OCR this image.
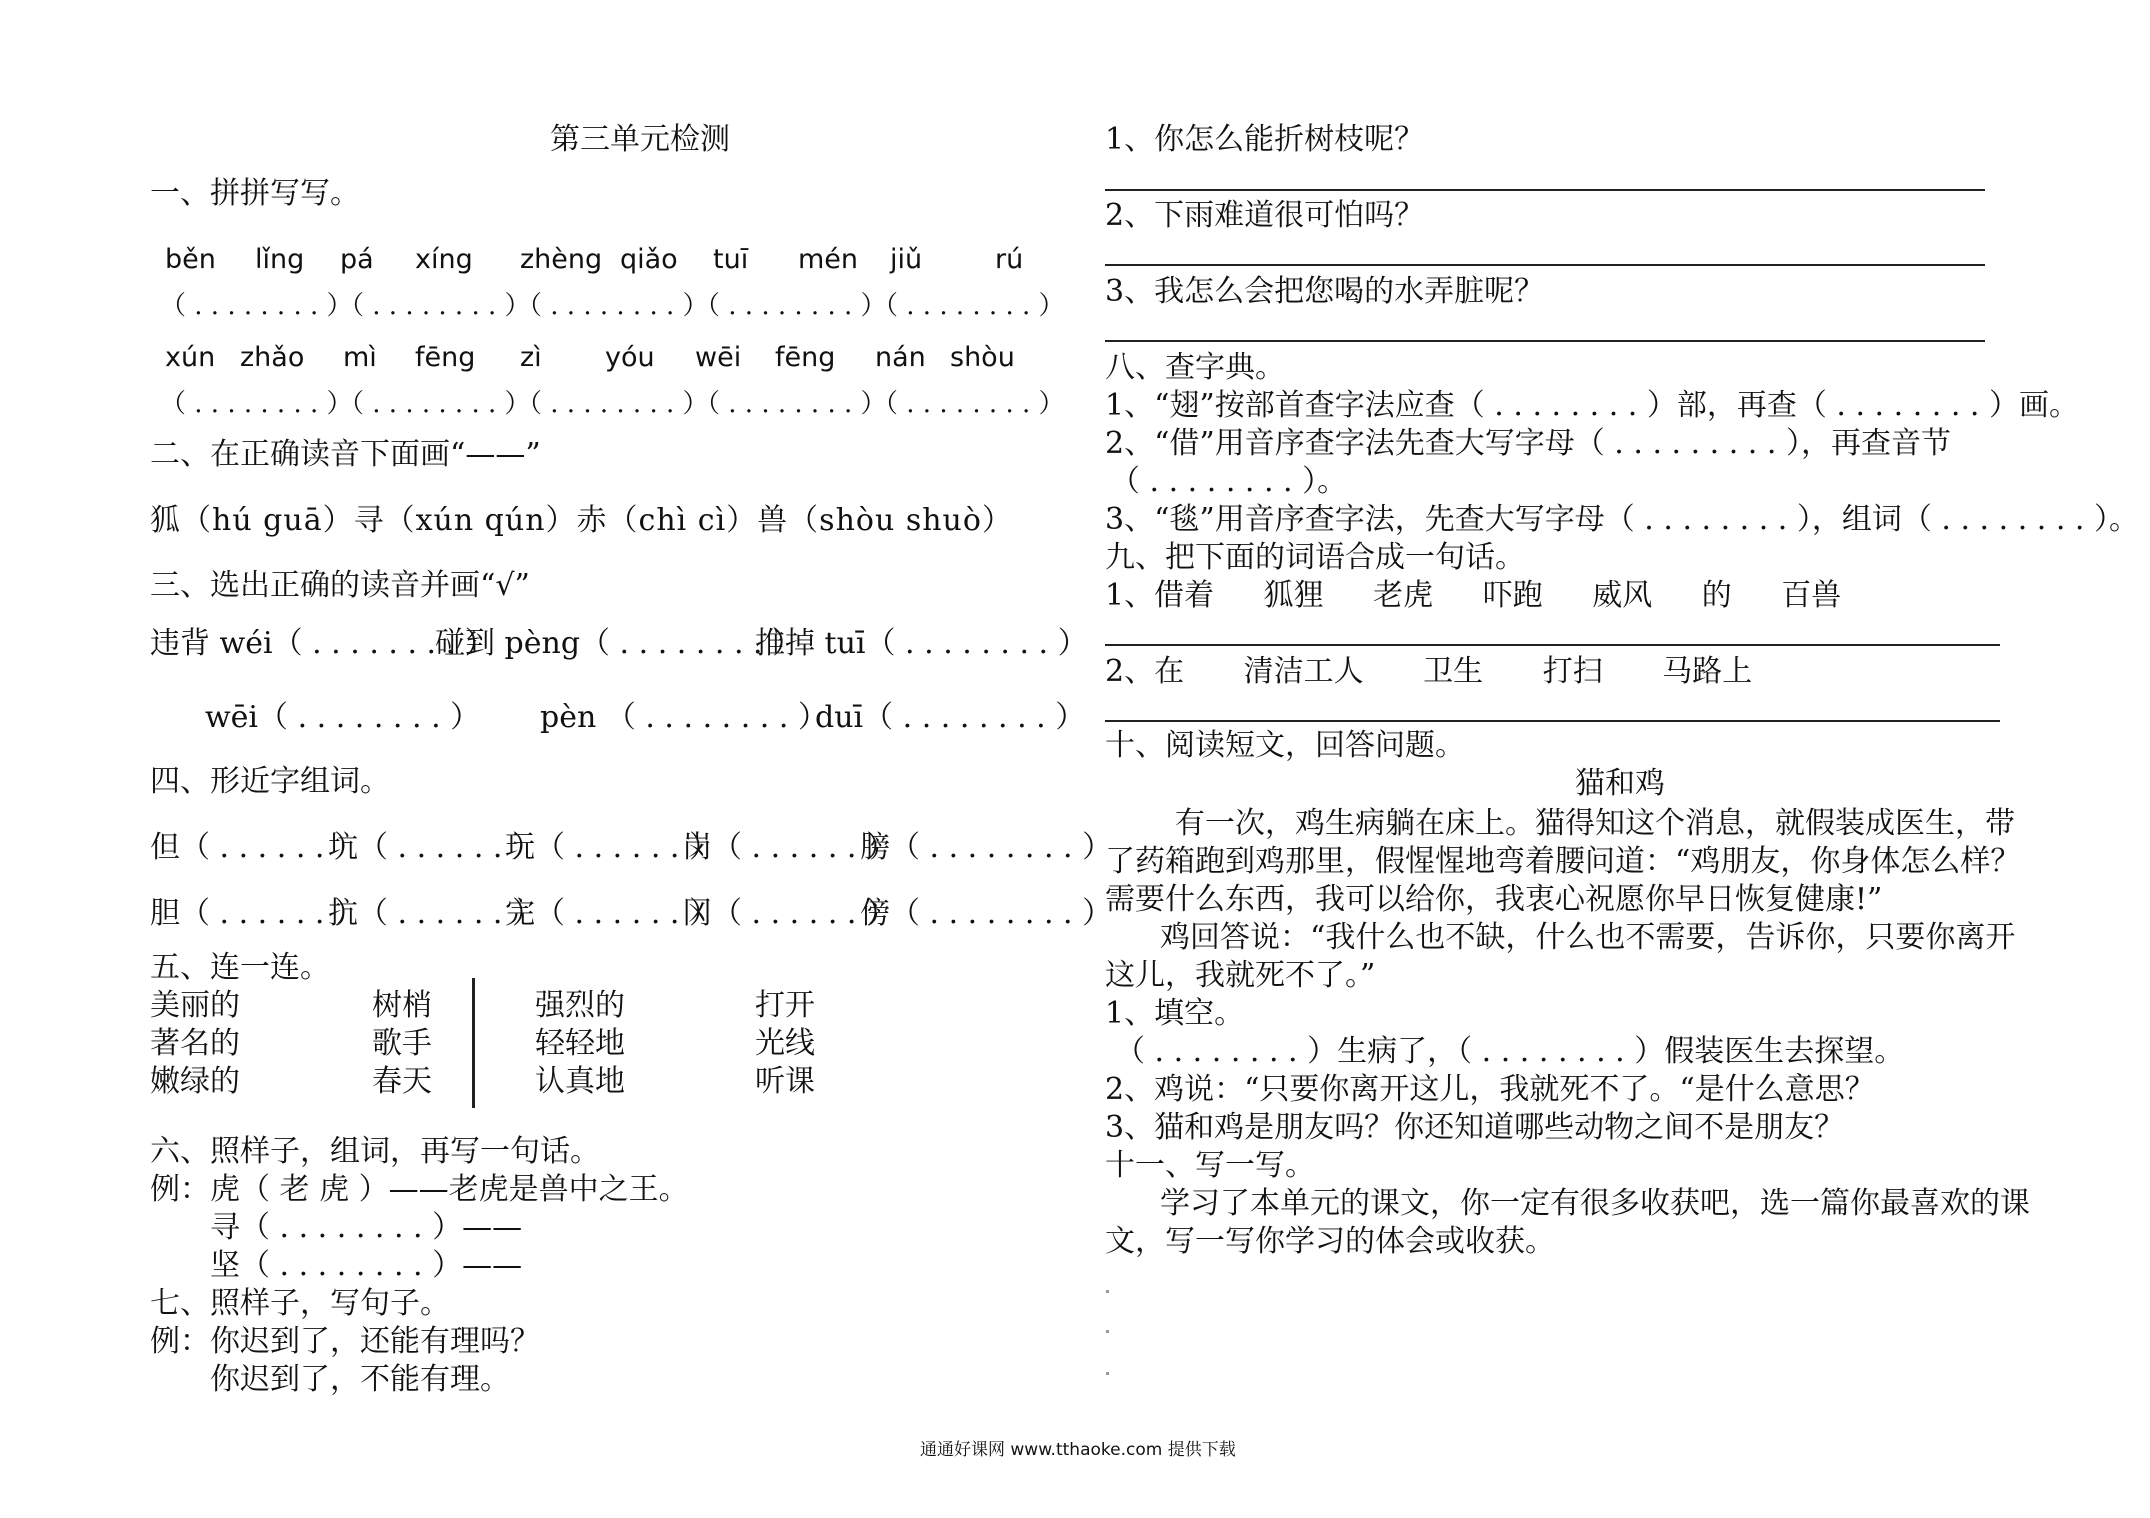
第三单元检测
一、拼拼写写。
běn lǐng pá xíng zhèng qiǎo tuī mén jiǔ	rú
（ . . . . . . . . ）
（ . . . . . . . . ）
（ . . . . . . . . ）
（ . . . . . . . . ）
（ . . . . . . . . ）
xún zhǎo mì fēng zì yóu wēi fēng nán shòu
（ . . . . . . . . ）
（ . . . . . . . . ）
（ . . . . . . . . ）
（ . . . . . . . . ）
（ . . . . . . . . ）
二、在正确读音下面画“——”
狐（hú guā）寻（xún qún）赤（chì cì）兽（shòu shuò）
三、选出正确的读音并画“√”
违背 wéi（ . . . . . . . . ）
碰到 pèng（ . . . . . . . . ）
推掉 tuī（ . . . . . . . . ）
wēi（ . . . . . . . . ） pèn （ . . . . . . . . ）
duī（ . . . . . . . . ）
四、形近字组词。
但（ . . . . . . ）
坑（ . . . . . . ）
玩（ . . . . . . ）
岗（ . . . . . . ）
膀（ . . . . . . . . ）
胆（ . . . . . . ）
抗（ . . . . . . ）
完（ . . . . . . ）
冈（ . . . . . . ）
傍（ . . . . . . . . ）
五、连一连。
美丽的
著名的
嫩绿的
树梢
歌手
春天
强烈的
轻轻地
认真地
打开
光线
听课
六、照样子，组词，再写一句话。
例：虎（ 老 虎 ）——老虎是兽中之王。
寻（ . . . . . . . . ）——
坚（ . . . . . . . . ）——
七、照样子，写句子。
例：你迟到了，还能有理吗？
你迟到了，不能有理。
1、你怎么能折树枝呢？
2、下雨难道很可怕吗？
3、我怎么会把您喝的水弄脏呢？
八、查字典。
1、“翅”按部首查字法应查（ . . . . . . . . ）部，再查（ . . . . . . . . ）画。
2、“借”用音序查字法先查大写字母（ . . . . . . . . . ），再查音节
（ . . . . . . . . ）。
3、“毯”用音序查字法，先查大写字母（ . . . . . . . . ），组词（ . . . . . . . . ）。
九、把下面的词语合成一句话。
1、借着 狐狸 老虎 吓跑 威风 的 百兽
2、在 清洁工人 卫生 打扫 马路上
十、阅读短文，回答问题。
猫和鸡
有一次，鸡生病躺在床上。猫得知这个消息，就假装成医生，带
了药箱跑到鸡那里，假惺惺地弯着腰问道：“鸡朋友，你身体怎么样？
需要什么东西，我可以给你，我衷心祝愿你早日恢复健康!”
鸡回答说：“我什么也不缺，什么也不需要，告诉你，只要你离开
这儿，我就死不了。”
1、填空。
（ . . . . . . . . ）生病了，（ . . . . . . . . ）假装医生去探望。
2、鸡说：“只要你离开这儿，我就死不了。“是什么意思？
3、猫和鸡是朋友吗？你还知道哪些动物之间不是朋友？
十一、写一写。
学习了本单元的课文，你一定有很多收获吧，选一篇你最喜欢的课
文，写一写你学习的体会或收获。
通通好课网 www.tthaoke.com 提供下载
